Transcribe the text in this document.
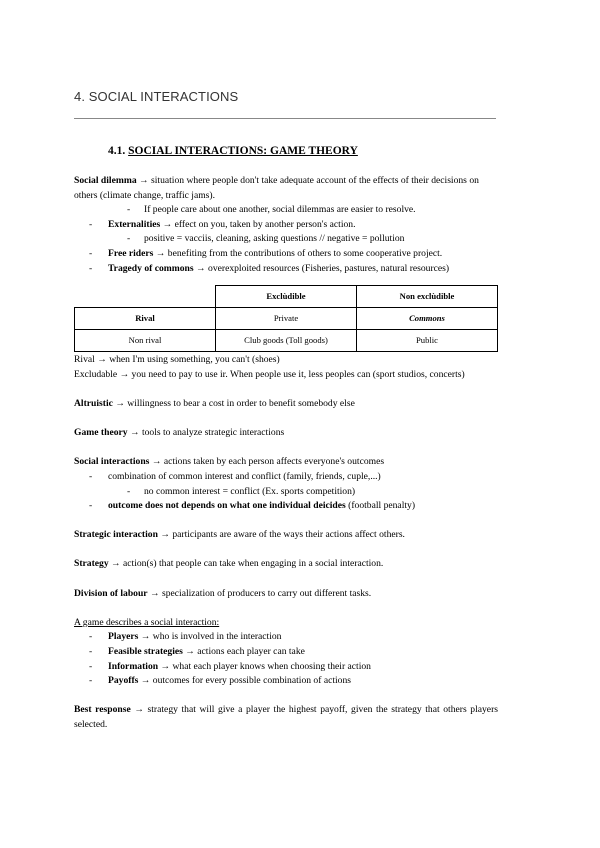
4. SOCIAL INTERACTIONS
4.1. SOCIAL INTERACTIONS: GAME THEORY

Social dilemma → situation where people don't take adequate account of the effects of their decisions on others (climate change, traffic jams).

- If people care about one another, social dilemmas are easier to resolve.
- Externalities → effect on you, taken by another person's action.
- positive = vacciis, cleaning, asking questions // negative = pollution
- Free riders → benefiting from the contributions of others to some cooperative project.
- Tragedy of commons → overexploited resources (Fisheries, pastures, natural resources)
	Exclùdible	Non exclùdible
Rival	Private	Commons
Non rival	Club goods (Toll goods)	Public

Rival → when I'm using something, you can't (shoes)

Excludable → you need to pay to use ir. When people use it, less peoples can (sport studios, concerts)

Altruistic → willingness to bear a cost in order to benefit somebody else

Game theory → tools to analyze strategic interactions

Social interactions → actions taken by each person affects everyone's outcomes

- combination of common interest and conflict (family, friends, cuple,...)
- no common interest = conflict (Ex. sports competition)
- outcome does not depends on what one individual deicides (football penalty)

Strategic interaction → participants are aware of the ways their actions affect others.

Strategy → action(s) that people can take when engaging in a social interaction.

Division of labour → specialization of producers to carry out different tasks.

A game describes a social interaction:

- Players → who is involved in the interaction
- Feasible strategies → actions each player can take
- Information → what each player knows when choosing their action
- Payoffs → outcomes for every possible combination of actions

Best response → strategy that will give a player the highest payoff, given the strategy that others players selected.
